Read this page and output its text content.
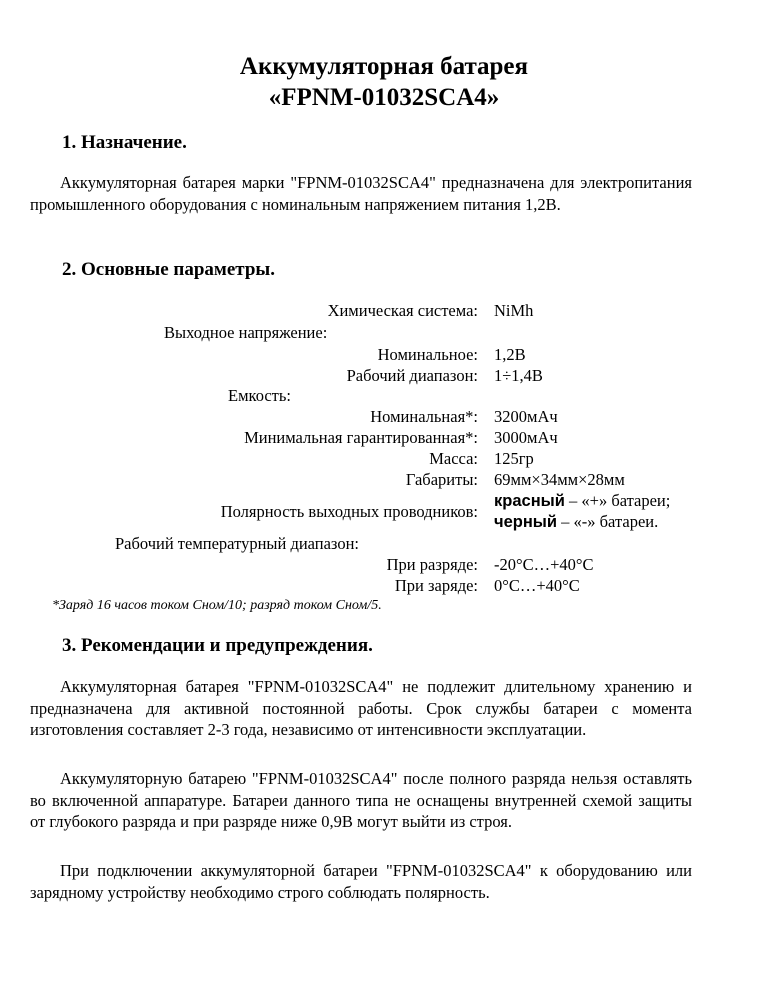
Аккумуляторная батарея
«FPNM-01032SCA4»
1. Назначение.
Аккумуляторная батарея марки "FPNM-01032SCA4" предназначена для электропитания промышленного оборудования с номинальным напряжением питания 1,2В.
2. Основные параметры.
Химическая система: NiMh
Выходное напряжение:
Номинальное: 1,2В
Рабочий диапазон: 1÷1,4В
Емкость:
Номинальная*: 3200мАч
Минимальная гарантированная*: 3000мАч
Масса: 125гр
Габариты: 69мм×34мм×28мм
Полярность выходных проводников:
красный – «+» батареи;
черный – «-» батареи.
Рабочий температурный диапазон:
При разряде: -20°С…+40°С
При заряде: 0°С…+40°С
*Заряд 16 часов током Сном/10; разряд током Сном/5.
3. Рекомендации и предупреждения.
Аккумуляторная батарея "FPNM-01032SCA4" не подлежит длительному хранению и предназначена для активной постоянной работы. Срок службы батареи с момента изготовления составляет 2-3 года, независимо от интенсивности эксплуатации.
Аккумуляторную батарею "FPNM-01032SCA4" после полного разряда нельзя оставлять во включенной аппаратуре. Батареи данного типа не оснащены внутренней схемой защиты от глубокого разряда и при разряде ниже 0,9В могут выйти из строя.
При подключении аккумуляторной батареи "FPNM-01032SCA4" к оборудованию или зарядному устройству необходимо строго соблюдать полярность.
